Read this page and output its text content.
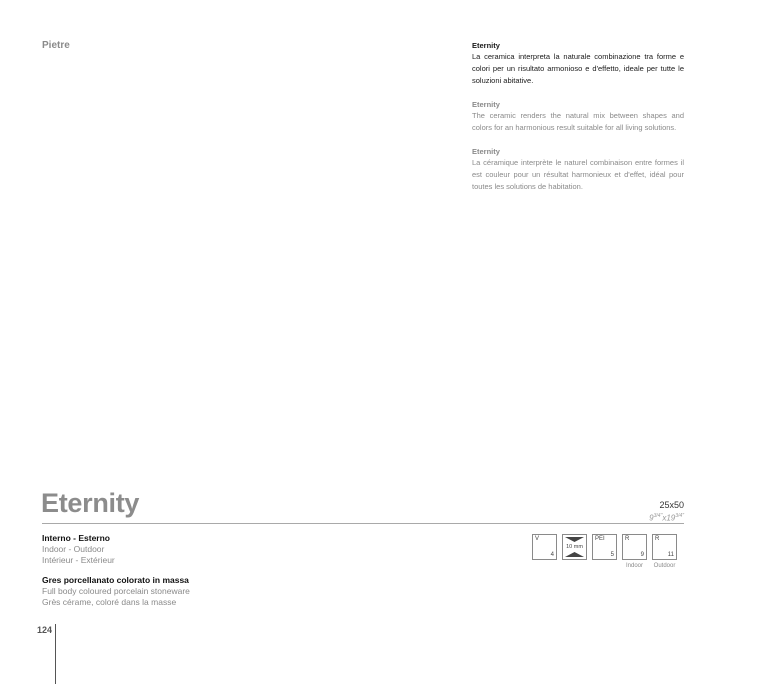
Pietre	Eternity
La ceramica interpreta la naturale combinazione tra forme e colori per un risultato armonioso e d'effetto, ideale per tutte le soluzioni abitative.
Eternity
The ceramic renders the natural mix between shapes and colors for an harmonious result suitable for all living solutions.
Eternity
La céramique interprète le naturel combinaison entre formes il est couleur pour un résultat harmonieux et d'effet, idéal pour toutes les solutions de habitation.
Eternity	25x50
$9^{3/4"}x19^{3/4"}$
Interno - Esterno
Indoor - Outdoor
Intérieur - Extérieur
Gres porcellanato colorato in massa
Full body coloured porcelain stoneware
Grès cérame, coloré dans la masse
V
4
10 mm
PEI
5
R
9
Indoor
R
11
Outdoor
124
